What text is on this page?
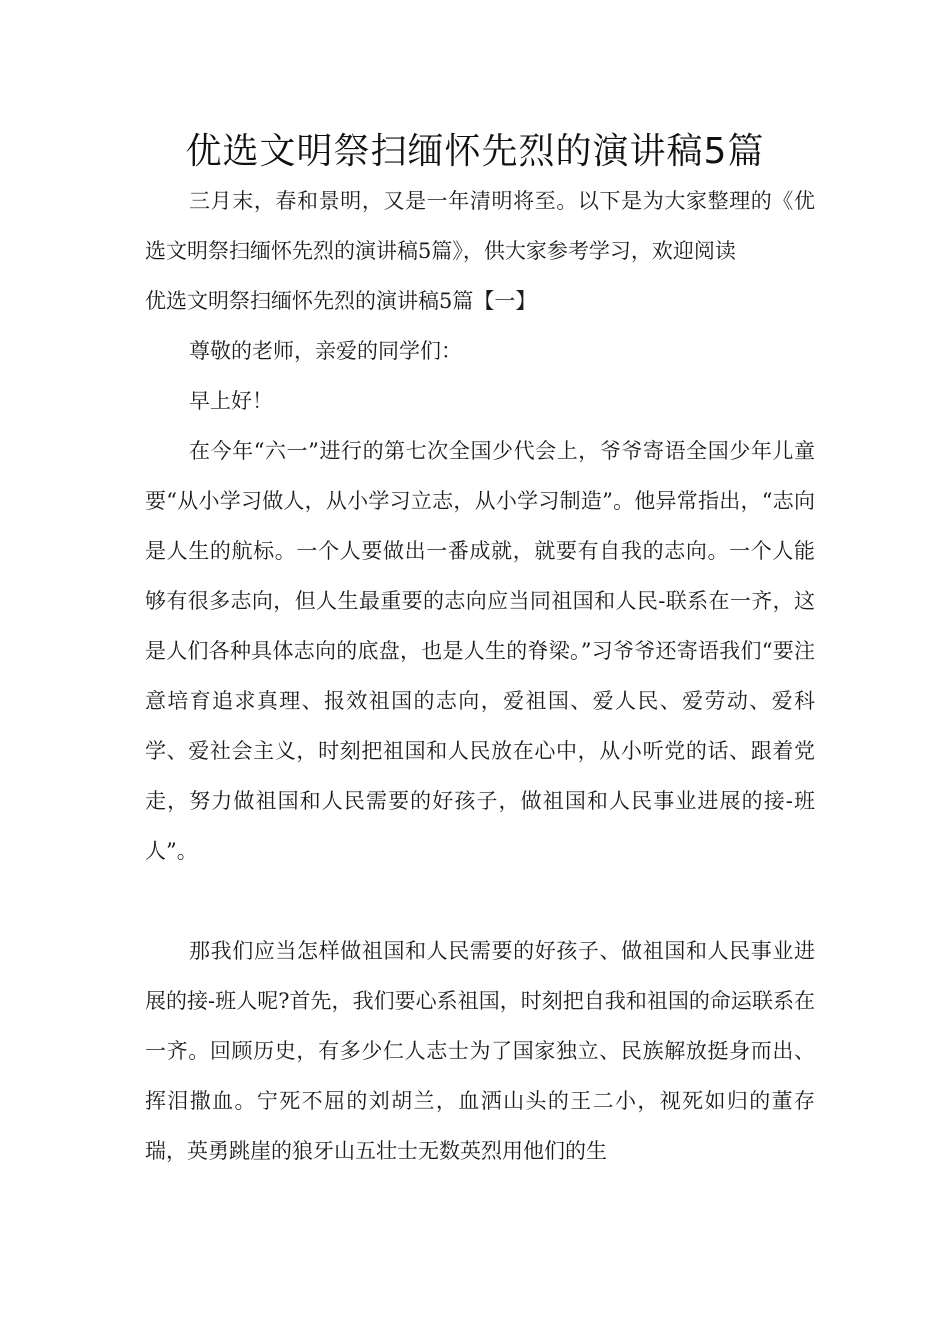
优选文明祭扫缅怀先烈的演讲稿5篇

三月末，春和景明，又是一年清明将至。以下是为大家整理的《优选文明祭扫缅怀先烈的演讲稿5篇》，供大家参考学习，欢迎阅读

优选文明祭扫缅怀先烈的演讲稿5篇【一】

尊敬的老师，亲爱的同学们：

早上好！

在今年“六一”进行的第七次全国少代会上，爷爷寄语全国少年儿童要“从小学习做人，从小学习立志，从小学习制造”。他异常指出，“志向是人生的航标。一个人要做出一番成就，就要有自我的志向。一个人能够有很多志向，但人生最重要的志向应当同祖国和人民-联系在一齐，这是人们各种具体志向的底盘，也是人生的脊梁。”习爷爷还寄语我们“要注意培育追求真理、报效祖国的志向，爱祖国、爱人民、爱劳动、爱科学、爱社会主义，时刻把祖国和人民放在心中，从小听党的话、跟着党走，努力做祖国和人民需要的好孩子，做祖国和人民事业进展的接-班人”。

那我们应当怎样做祖国和人民需要的好孩子、做祖国和人民事业进展的接-班人呢?首先，我们要心系祖国，时刻把自我和祖国的命运联系在一齐。回顾历史，有多少仁人志士为了国家独立、民族解放挺身而出、挥泪撒血。宁死不屈的刘胡兰，血洒山头的王二小，视死如归的董存瑞，英勇跳崖的狼牙山五壮士无数英烈用他们的生
